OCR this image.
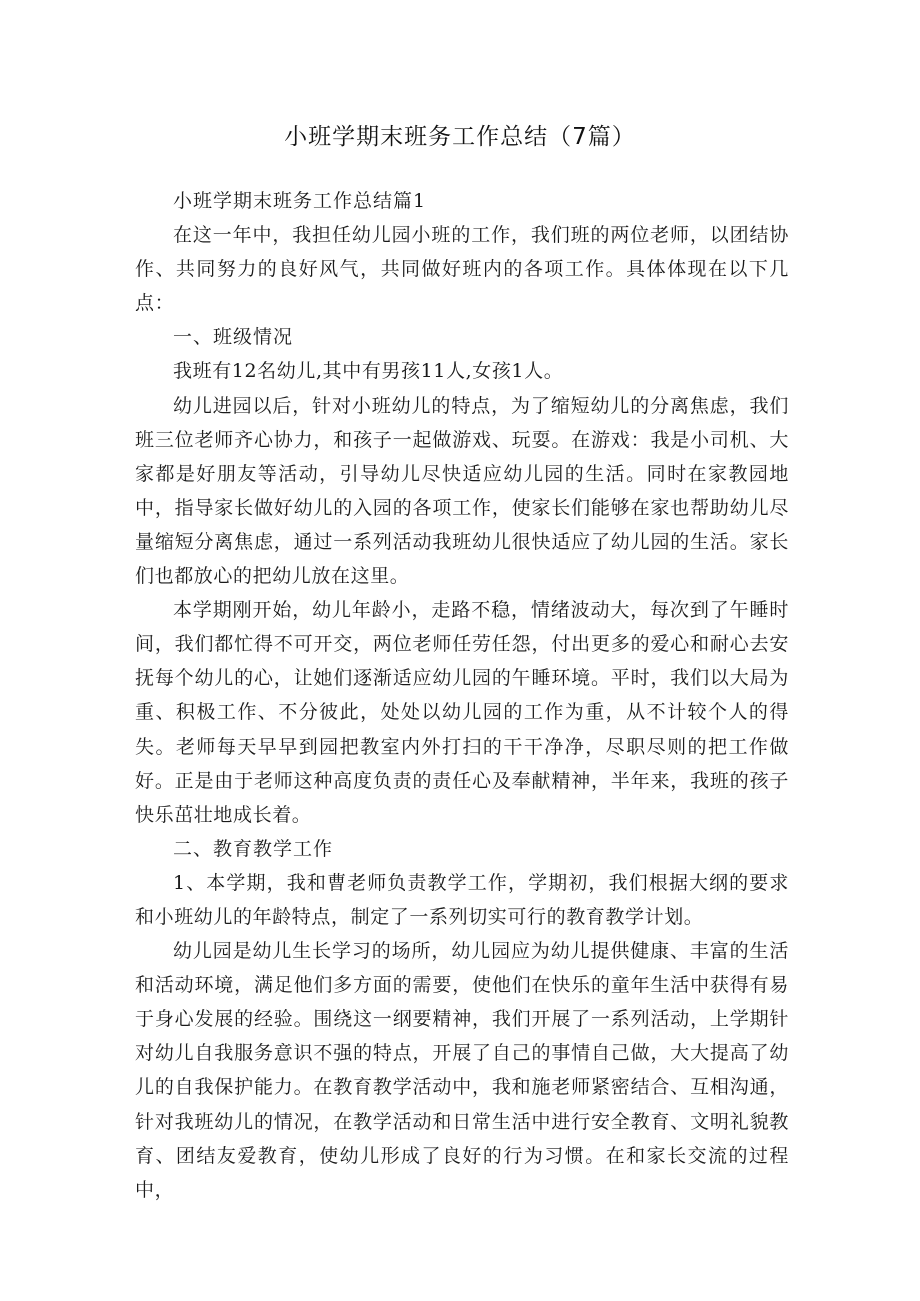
小班学期末班务工作总结（7篇）

小班学期末班务工作总结篇1

在这一年中，我担任幼儿园小班的工作，我们班的两位老师，以团结协作、共同努力的良好风气，共同做好班内的各项工作。具体体现在以下几点：

一、班级情况

我班有12名幼儿,其中有男孩11人,女孩1人。

幼儿进园以后，针对小班幼儿的特点，为了缩短幼儿的分离焦虑，我们班三位老师齐心协力，和孩子一起做游戏、玩耍。在游戏：我是小司机、大家都是好朋友等活动，引导幼儿尽快适应幼儿园的生活。同时在家教园地中，指导家长做好幼儿的入园的各项工作，使家长们能够在家也帮助幼儿尽量缩短分离焦虑，通过一系列活动我班幼儿很快适应了幼儿园的生活。家长们也都放心的把幼儿放在这里。

本学期刚开始，幼儿年龄小，走路不稳，情绪波动大，每次到了午睡时间，我们都忙得不可开交，两位老师任劳任怨，付出更多的爱心和耐心去安抚每个幼儿的心，让她们逐渐适应幼儿园的午睡环境。平时，我们以大局为重、积极工作、不分彼此，处处以幼儿园的工作为重，从不计较个人的得失。老师每天早早到园把教室内外打扫的干干净净，尽职尽则的把工作做好。正是由于老师这种高度负责的责任心及奉献精神，半年来，我班的孩子快乐茁壮地成长着。

二、教育教学工作

1、本学期，我和曹老师负责教学工作，学期初，我们根据大纲的要求和小班幼儿的年龄特点，制定了一系列切实可行的教育教学计划。

幼儿园是幼儿生长学习的场所，幼儿园应为幼儿提供健康、丰富的生活和活动环境，满足他们多方面的需要，使他们在快乐的童年生活中获得有易于身心发展的经验。围绕这一纲要精神，我们开展了一系列活动，上学期针对幼儿自我服务意识不强的特点，开展了自己的事情自己做，大大提高了幼儿的自我保护能力。在教育教学活动中，我和施老师紧密结合、互相沟通，针对我班幼儿的情况，在教学活动和日常生活中进行安全教育、文明礼貌教育、团结友爱教育，使幼儿形成了良好的行为习惯。在和家长交流的过程中，
